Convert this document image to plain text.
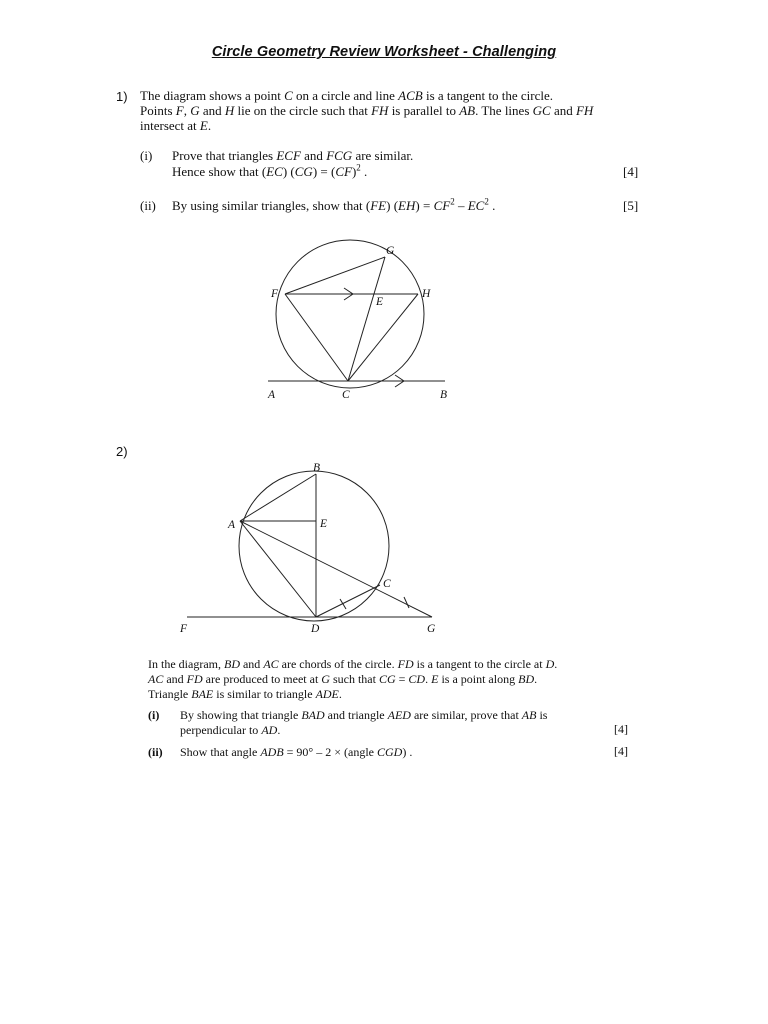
Circle Geometry Review Worksheet - Challenging
1) The diagram shows a point C on a circle and line ACB is a tangent to the circle.
Points F, G and H lie on the circle such that FH is parallel to AB. The lines GC and FH
intersect at E.
(i) Prove that triangles ECF and FCG are similar.
Hence show that (EC) (CG) = (CF)$^2$ .	[4]
(ii) By using similar triangles, show that (FE) $(EH) = CF^2 - EC^2$ .	[5]
G
F	H
E
A	C	B
B
A	E
C
F	D	G
2)
In the diagram, BD and AC are chords of the circle. FD is a tangent to the circle at D.
AC and FD are produced to meet at G such that CG = CD. E is a point along BD.
Triangle BAE is similar to triangle ADE.
(i) By showing that triangle BAD and triangle AED are similar, prove that AB is
perpendicular to AD.	[4]
(ii) Show that angle ADB = 90° – 2 × (angle CGD) .	[4]
